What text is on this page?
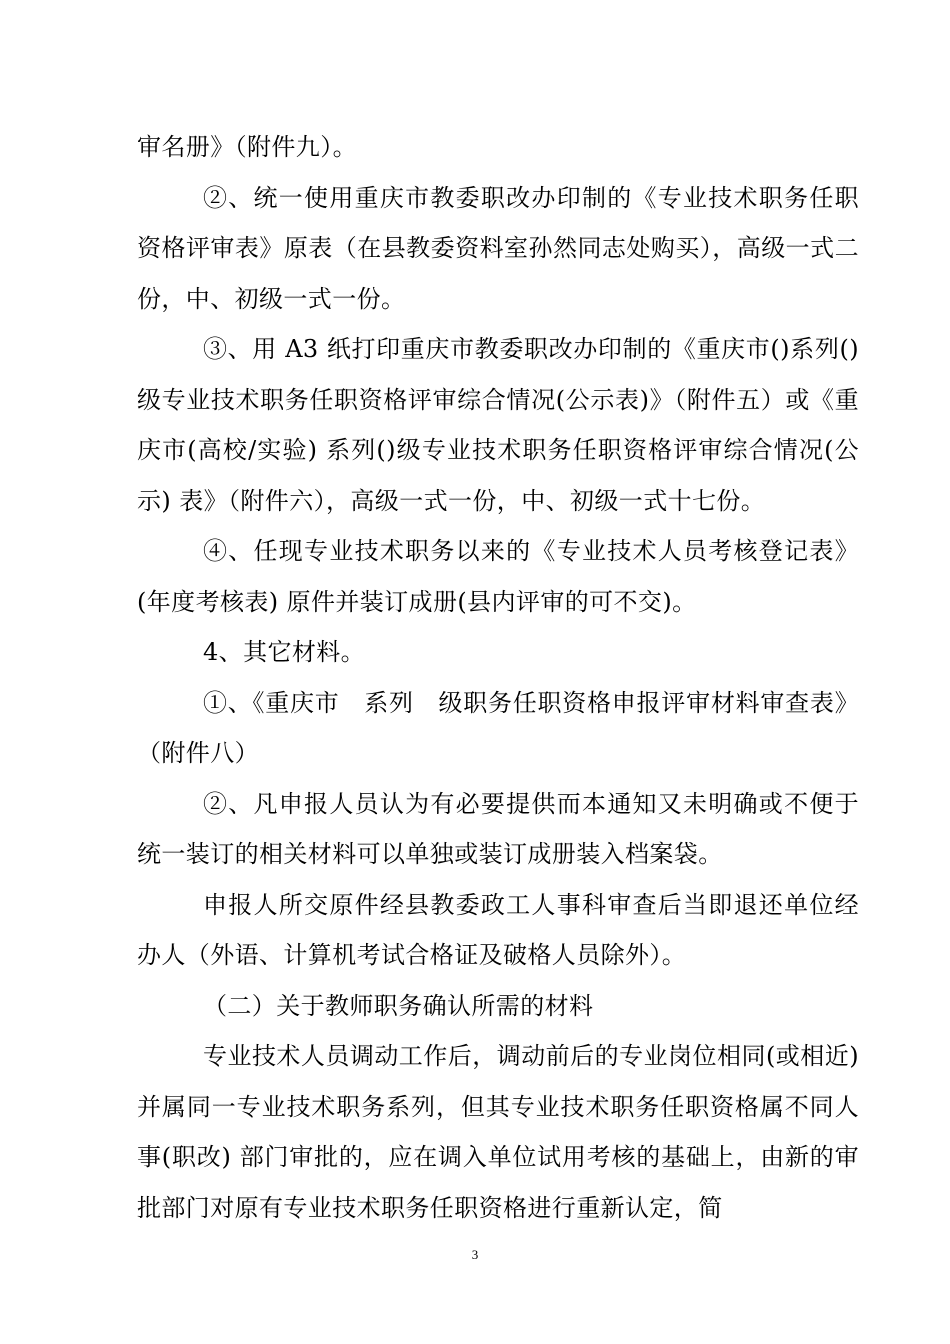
审名册》（附件九）。

②、统一使用重庆市教委职改办印制的《专业技术职务任职资格评审表》原表（在县教委资料室孙然同志处购买），高级一式二份，中、初级一式一份。

③、用 A3 纸打印重庆市教委职改办印制的《重庆市()系列()级专业技术职务任职资格评审综合情况(公示表)》（附件五）或《重庆市(高校/实验) 系列()级专业技术职务任职资格评审综合情况(公示) 表》（附件六），高级一式一份，中、初级一式十七份。

④、任现专业技术职务以来的《专业技术人员考核登记表》(年度考核表) 原件并装订成册(县内评审的可不交)。

4、其它材料。

①、《重庆市　系列　级职务任职资格申报评审材料审查表》（附件八）

②、凡申报人员认为有必要提供而本通知又未明确或不便于统一装订的相关材料可以单独或装订成册装入档案袋。

申报人所交原件经县教委政工人事科审查后当即退还单位经办人（外语、计算机考试合格证及破格人员除外）。

（二）关于教师职务确认所需的材料

专业技术人员调动工作后，调动前后的专业岗位相同(或相近) 并属同一专业技术职务系列，但其专业技术职务任职资格属不同人事(职改) 部门审批的，应在调入单位试用考核的基础上，由新的审批部门对原有专业技术职务任职资格进行重新认定，简

3
